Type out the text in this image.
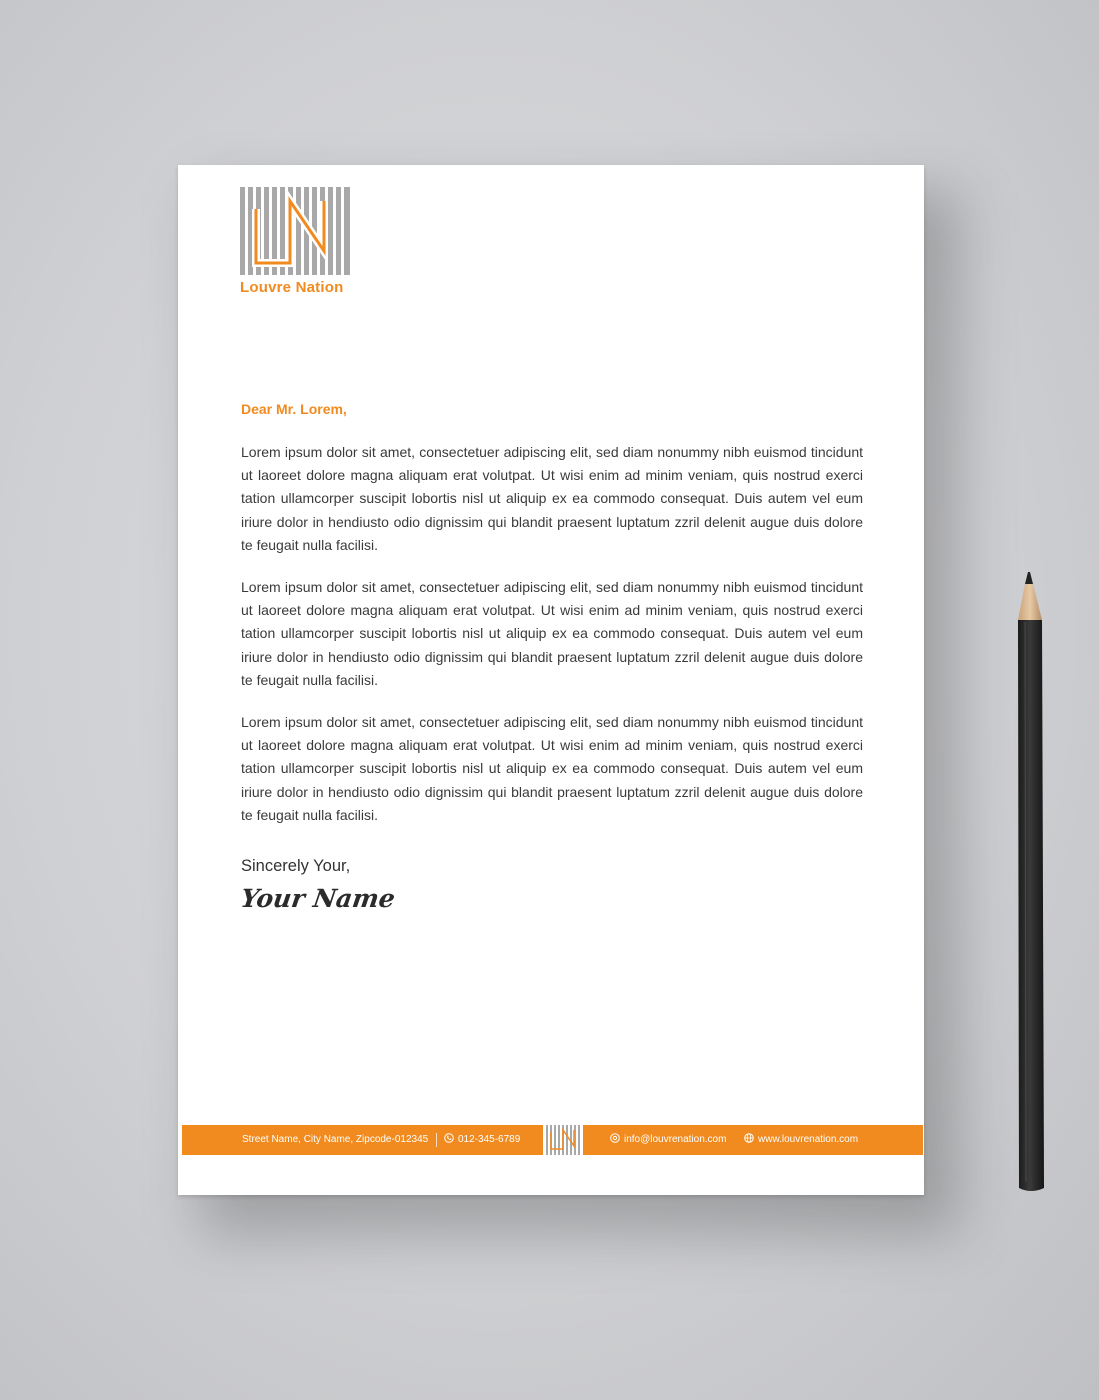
Louvre Nation

Dear Mr. Lorem,

Lorem ipsum dolor sit amet, consectetuer adipiscing elit, sed diam nonummy nibh euismod tincidunt ut laoreet dolore magna aliquam erat volutpat. Ut wisi enim ad minim veniam, quis nostrud exerci tation ullamcorper suscipit lobortis nisl ut aliquip ex ea commodo consequat. Duis autem vel eum iriure dolor in hendiusto odio dignissim qui blandit praesent luptatum zzril delenit augue duis dolore te feugait nulla facilisi.

Lorem ipsum dolor sit amet, consectetuer adipiscing elit, sed diam nonummy nibh euismod tincidunt ut laoreet dolore magna aliquam erat volutpat. Ut wisi enim ad minim veniam, quis nostrud exerci tation ullamcorper suscipit lobortis nisl ut aliquip ex ea commodo consequat. Duis autem vel eum iriure dolor in hendiusto odio dignissim qui blandit praesent luptatum zzril delenit augue duis dolore te feugait nulla facilisi.

Lorem ipsum dolor sit amet, consectetuer adipiscing elit, sed diam nonummy nibh euismod tincidunt ut laoreet dolore magna aliquam erat volutpat. Ut wisi enim ad minim veniam, quis nostrud exerci tation ullamcorper suscipit lobortis nisl ut aliquip ex ea commodo consequat. Duis autem vel eum iriure dolor in hendiusto odio dignissim qui blandit praesent luptatum zzril delenit augue duis dolore te feugait nulla facilisi.

Sincerely Your,

Your Name
Street Name, City Name, Zipcode-012345	012-345-6789	info@louvrenation.com	www.louvrenation.com
